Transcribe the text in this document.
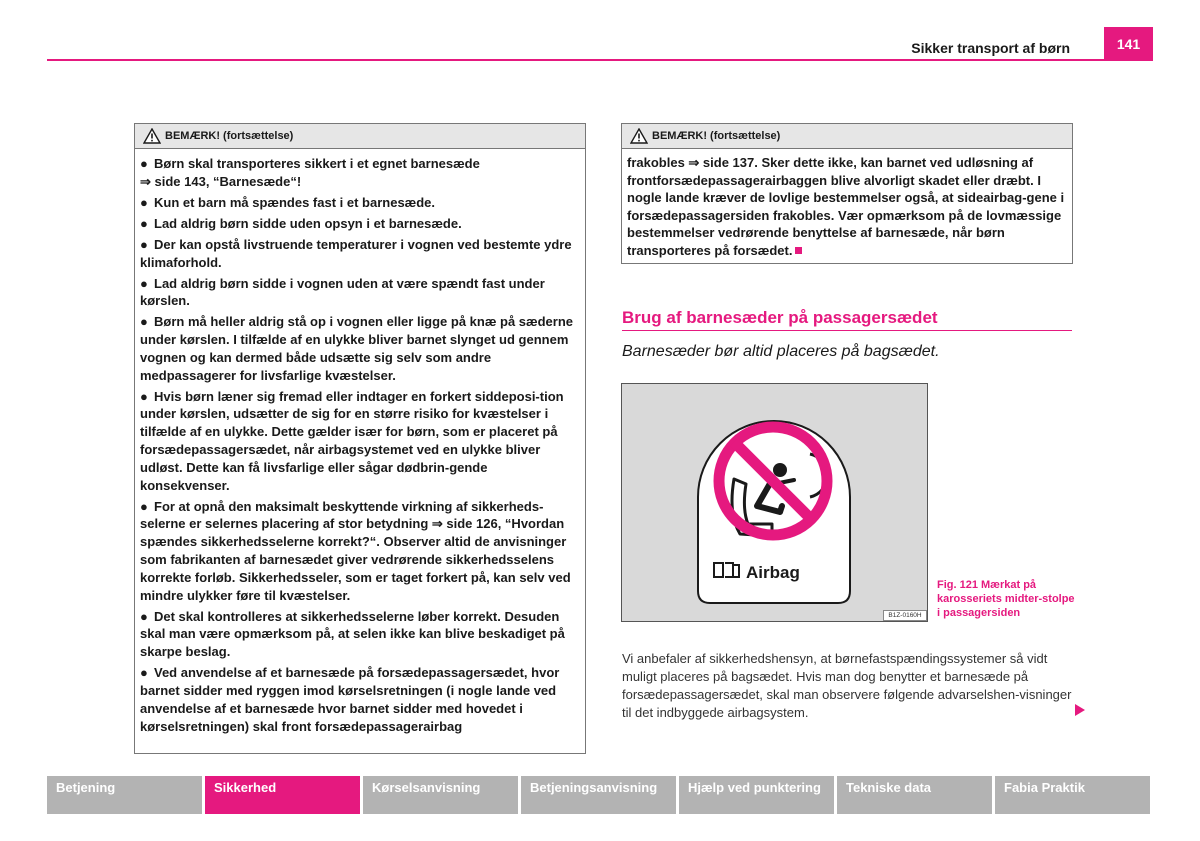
Sikker transport af børn	141
BEMÆRK! (fortsættelse)
● Børn skal transporteres sikkert i et egnet barnesæde
⇒ side 143, “Barnesæde“!
● Kun et barn må spændes fast i et barnesæde.
● Lad aldrig børn sidde uden opsyn i et barnesæde.
● Der kan opstå livstruende temperaturer i vognen ved bestemte ydre klimaforhold.
● Lad aldrig børn sidde i vognen uden at være spændt fast under kørslen.
● Børn må heller aldrig stå op i vognen eller ligge på knæ på sæderne under kørslen. I tilfælde af en ulykke bliver barnet slynget ud gennem vognen og kan dermed både udsætte sig selv som andre medpassagerer for livsfarlige kvæstelser.
● Hvis børn læner sig fremad eller indtager en forkert siddeposi-tion under kørslen, udsætter de sig for en større risiko for kvæstelser i tilfælde af en ulykke. Dette gælder især for børn, som er placeret på forsædepassagersædet, når airbagsystemet ved en ulykke bliver udløst. Dette kan få livsfarlige eller sågar dødbrin-gende konsekvenser.
● For at opnå den maksimalt beskyttende virkning af sikkerheds-selerne er selernes placering af stor betydning ⇒ side 126, “Hvordan spændes sikkerhedsselerne korrekt?“. Observer altid de anvisninger som fabrikanten af barnesædet giver vedrørende sikkerhedsselens korrekte forløb. Sikkerhedsseler, som er taget forkert på, kan selv ved mindre ulykker føre til kvæstelser.
● Det skal kontrolleres at sikkerhedsselerne løber korrekt. Desuden skal man være opmærksom på, at selen ikke kan blive beskadiget på skarpe beslag.
● Ved anvendelse af et barnesæde på forsædepassagersædet, hvor barnet sidder med ryggen imod kørselsretningen (i nogle lande ved anvendelse af et barnesæde hvor barnet sidder med hovedet i kørselsretningen) skal front forsædepassagerairbag
BEMÆRK! (fortsættelse)
frakobles ⇒ side 137. Sker dette ikke, kan barnet ved udløsning af frontforsædepassagerairbaggen blive alvorligt skadet eller dræbt. I nogle lande kræver de lovlige bestemmelser også, at sideairbag-gene i forsædepassagersiden frakobles. Vær opmærksom på de lovmæssige bestemmelser vedrørende benyttelse af barnesæde, når børn transporteres på forsædet.
Brug af barnesæder på passagersædet
Barnesæder bør altid placeres på bagsædet.
Airbag
B1Z-0160H
Fig. 121 Mærkat på karosseriets midter-stolpe i passagersiden
Vi anbefaler af sikkerhedshensyn, at børnefastspændingssystemer så vidt muligt placeres på bagsædet. Hvis man dog benytter et barnesæde på forsædepassagersædet, skal man observere følgende advarselshen-visninger til det indbyggede airbagsystem.
Betjening	Sikkerhed	Kørselsanvisning	Betjeningsanvisning	Hjælp ved punktering	Tekniske data	Fabia Praktik
